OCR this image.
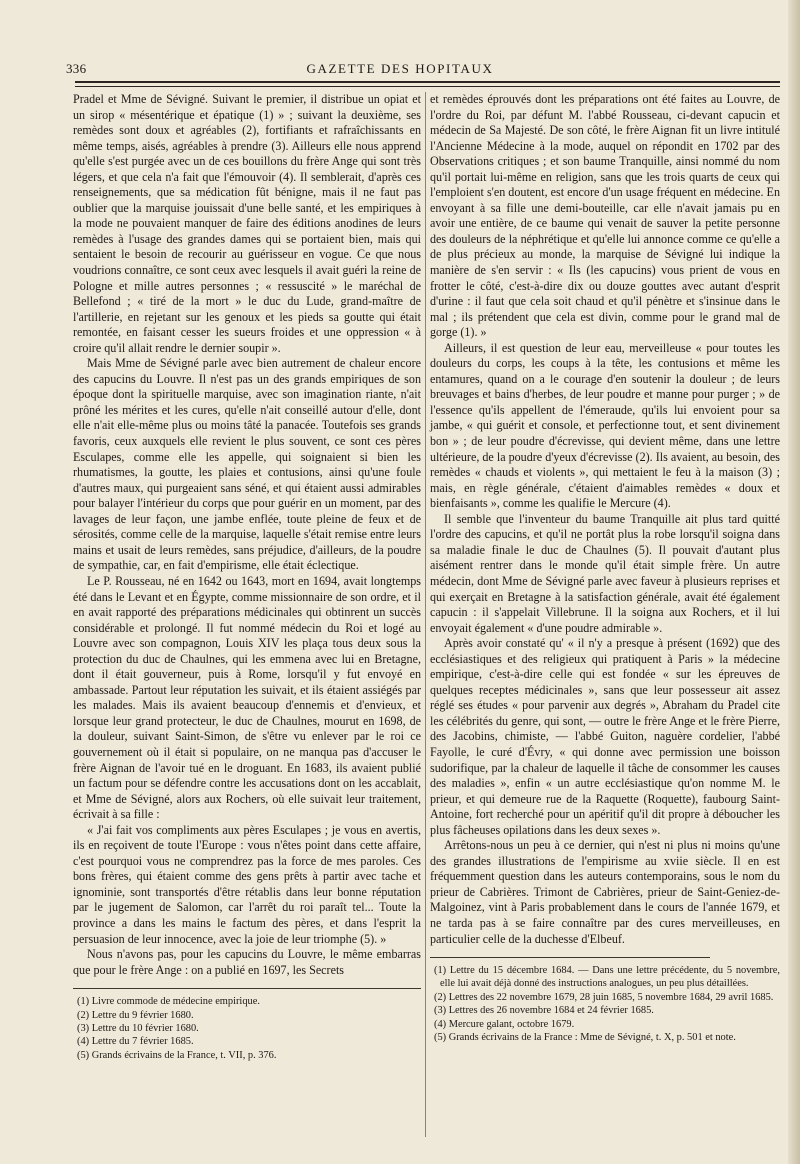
336	GAZETTE DES HOPITAUX

Pradel et Mme de Sévigné. Suivant le premier, il distribue un opiat et un sirop « mésentérique et épatique (1) » ; suivant la deuxième, ses remèdes sont doux et agréables (2), fortifiants et rafraîchissants en même temps, aisés, agréables à prendre (3). Ailleurs elle nous apprend qu'elle s'est purgée avec un de ces bouillons du frère Ange qui sont très légers, et que cela n'a fait que l'émouvoir (4). Il semblerait, d'après ces renseignements, que sa médication fût bénigne, mais il ne faut pas oublier que la marquise jouissait d'une belle santé, et les empiriques à la mode ne pouvaient manquer de faire des éditions anodines de leurs remèdes à l'usage des grandes dames qui se portaient bien, mais qui sentaient le besoin de recourir au guérisseur en vogue. Ce que nous voudrions connaître, ce sont ceux avec lesquels il avait guéri la reine de Pologne et mille autres personnes ; « ressuscité » le maréchal de Bellefond ; « tiré de la mort » le duc du Lude, grand-maître de l'artillerie, en rejetant sur les genoux et les pieds sa goutte qui était remontée, en faisant cesser les sueurs froides et une oppression « à croire qu'il allait rendre le dernier soupir ».

Mais Mme de Sévigné parle avec bien autrement de chaleur encore des capucins du Louvre. Il n'est pas un des grands empiriques de son époque dont la spirituelle marquise, avec son imagination riante, n'ait prôné les mérites et les cures, qu'elle n'ait conseillé autour d'elle, dont elle n'ait elle-même plus ou moins tâté la panacée. Toutefois ses grands favoris, ceux auxquels elle revient le plus souvent, ce sont ces pères Esculapes, comme elle les appelle, qui soignaient si bien les rhumatismes, la goutte, les plaies et contusions, ainsi qu'une foule d'autres maux, qui purgeaient sans séné, et qui étaient aussi admirables pour balayer l'intérieur du corps que pour guérir en un moment, par des lavages de leur façon, une jambe enflée, toute pleine de feux et de sérosités, comme celle de la marquise, laquelle s'était remise entre leurs mains et usait de leurs remèdes, sans préjudice, d'ailleurs, de la poudre de sympathie, car, en fait d'empirisme, elle était éclectique.

Le P. Rousseau, né en 1642 ou 1643, mort en 1694, avait longtemps été dans le Levant et en Égypte, comme missionnaire de son ordre, et il en avait rapporté des préparations médicinales qui obtinrent un succès considérable et prolongé. Il fut nommé médecin du Roi et logé au Louvre avec son compagnon, Louis XIV les plaça tous deux sous la protection du duc de Chaulnes, qui les emmena avec lui en Bretagne, dont il était gouverneur, puis à Rome, lorsqu'il y fut envoyé en ambassade. Partout leur réputation les suivait, et ils étaient assiégés par les malades. Mais ils avaient beaucoup d'ennemis et d'envieux, et lorsque leur grand protecteur, le duc de Chaulnes, mourut en 1698, de la douleur, suivant Saint-Simon, de s'être vu enlever par le roi ce gouvernement où il était si populaire, on ne manqua pas d'accuser le frère Aignan de l'avoir tué en le droguant. En 1683, ils avaient publié un factum pour se défendre contre les accusations dont on les accablait, et Mme de Sévigné, alors aux Rochers, où elle suivait leur traitement, écrivait à sa fille :

« J'ai fait vos compliments aux pères Esculapes ; je vous en avertis, ils en reçoivent de toute l'Europe : vous n'êtes point dans cette affaire, c'est pourquoi vous ne comprendrez pas la force de mes paroles. Ces bons frères, qui étaient comme des gens prêts à partir avec tache et ignominie, sont transportés d'être rétablis dans leur bonne réputation par le jugement de Salomon, car l'arrêt du roi paraît tel... Toute la province a dans les mains le factum des pères, et dans l'esprit la persuasion de leur innocence, avec la joie de leur triomphe (5). »

Nous n'avons pas, pour les capucins du Louvre, le même embarras que pour le frère Ange : on a publié en 1697, les Secrets

(1) Livre commode de médecine empirique.
(2) Lettre du 9 février 1680.
(3) Lettre du 10 février 1680.
(4) Lettre du 7 février 1685.
(5) Grands écrivains de la France, t. VII, p. 376.

et remèdes éprouvés dont les préparations ont été faites au Louvre, de l'ordre du Roi, par défunt M. l'abbé Rousseau, ci-devant capucin et médecin de Sa Majesté. De son côté, le frère Aignan fit un livre intitulé l'Ancienne Médecine à la mode, auquel on répondit en 1702 par des Observations critiques ; et son baume Tranquille, ainsi nommé du nom qu'il portait lui-même en religion, sans que les trois quarts de ceux qui l'emploient s'en doutent, est encore d'un usage fréquent en médecine. En envoyant à sa fille une demi-bouteille, car elle n'avait jamais pu en avoir une entière, de ce baume qui venait de sauver la petite personne des douleurs de la néphrétique et qu'elle lui annonce comme ce qu'elle a de plus précieux au monde, la marquise de Sévigné lui indique la manière de s'en servir : « Ils (les capucins) vous prient de vous en frotter le côté, c'est-à-dire dix ou douze gouttes avec autant d'esprit d'urine : il faut que cela soit chaud et qu'il pénètre et s'insinue dans le mal ; ils prétendent que cela est divin, comme pour le grand mal de gorge (1). »

Ailleurs, il est question de leur eau, merveilleuse « pour toutes les douleurs du corps, les coups à la tête, les contusions et même les entamures, quand on a le courage d'en soutenir la douleur ; de leurs breuvages et bains d'herbes, de leur poudre et manne pour purger ; » de l'essence qu'ils appellent de l'émeraude, qu'ils lui envoient pour sa jambe, « qui guérit et console, et perfectionne tout, et sent divinement bon » ; de leur poudre d'écrevisse, qui devient même, dans une lettre ultérieure, de la poudre d'yeux d'écrevisse (2). Ils avaient, au besoin, des remèdes « chauds et violents », qui mettaient le feu à la maison (3) ; mais, en règle générale, c'étaient d'aimables remèdes « doux et bienfaisants », comme les qualifie le Mercure (4).

Il semble que l'inventeur du baume Tranquille ait plus tard quitté l'ordre des capucins, et qu'il ne portât plus la robe lorsqu'il soigna dans sa maladie finale le duc de Chaulnes (5). Il pouvait d'autant plus aisément rentrer dans le monde qu'il était simple frère. Un autre médecin, dont Mme de Sévigné parle avec faveur à plusieurs reprises et qui exerçait en Bretagne à la satisfaction générale, avait été également capucin : il s'appelait Villebrune. Il la soigna aux Rochers, et il lui envoyait également « d'une poudre admirable ».

Après avoir constaté qu' « il n'y a presque à présent (1692) que des ecclésiastiques et des religieux qui pratiquent à Paris » la médecine empirique, c'est-à-dire celle qui est fondée « sur les épreuves de quelques receptes médicinales », sans que leur possesseur ait assez réglé ses études « pour parvenir aux degrés », Abraham du Pradel cite les célébrités du genre, qui sont, — outre le frère Ange et le frère Pierre, des Jacobins, chimiste, — l'abbé Guiton, naguère cordelier, l'abbé Fayolle, le curé d'Évry, « qui donne avec permission une boisson sudorifique, par la chaleur de laquelle il tâche de consommer les causes des maladies », enfin « un autre ecclésiastique qu'on nomme M. le prieur, et qui demeure rue de la Raquette (Roquette), faubourg Saint-Antoine, fort recherché pour un apéritif qu'il dit propre à déboucher les plus fâcheuses opilations dans les deux sexes ».

Arrêtons-nous un peu à ce dernier, qui n'est ni plus ni moins qu'une des grandes illustrations de l'empirisme au xviie siècle. Il en est fréquemment question dans les auteurs contemporains, sous le nom du prieur de Cabrières. Trimont de Cabrières, prieur de Saint-Geniez-de-Malgoinez, vint à Paris probablement dans le cours de l'année 1679, et ne tarda pas à se faire connaître par des cures merveilleuses, en particulier celle de la duchesse d'Elbeuf.

(1) Lettre du 15 décembre 1684. — Dans une lettre précédente, du 5 novembre, elle lui avait déjà donné des instructions analogues, un peu plus détaillées.
(2) Lettres des 22 novembre 1679, 28 juin 1685, 5 novembre 1684, 29 avril 1685.
(3) Lettres des 26 novembre 1684 et 24 février 1685.
(4) Mercure galant, octobre 1679.
(5) Grands écrivains de la France : Mme de Sévigné, t. X, p. 501 et note.
